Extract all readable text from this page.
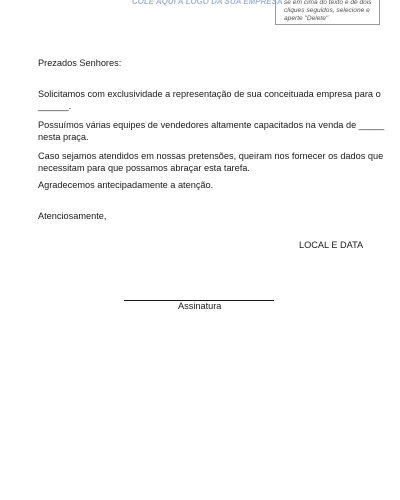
COLE AQUI A LOGO DA SUA EMPRESA se em cima do texto e dê dois
cliques seguidos, selecione e
aperte "Delete"
Prezados Senhores:
Solicitamos com exclusividade a representação de sua conceituada empresa para o
______.
Possuímos várias equipes de vendedores altamente capacitados na venda de _____
nesta praça.
Caso sejamos atendidos em nossas pretensões, queiram nos fornecer os dados que
necessitam para que possamos abraçar esta tarefa.
Agradecemos antecipadamente a atenção.
Atenciosamente,
LOCAL E DATA
Assinatura
